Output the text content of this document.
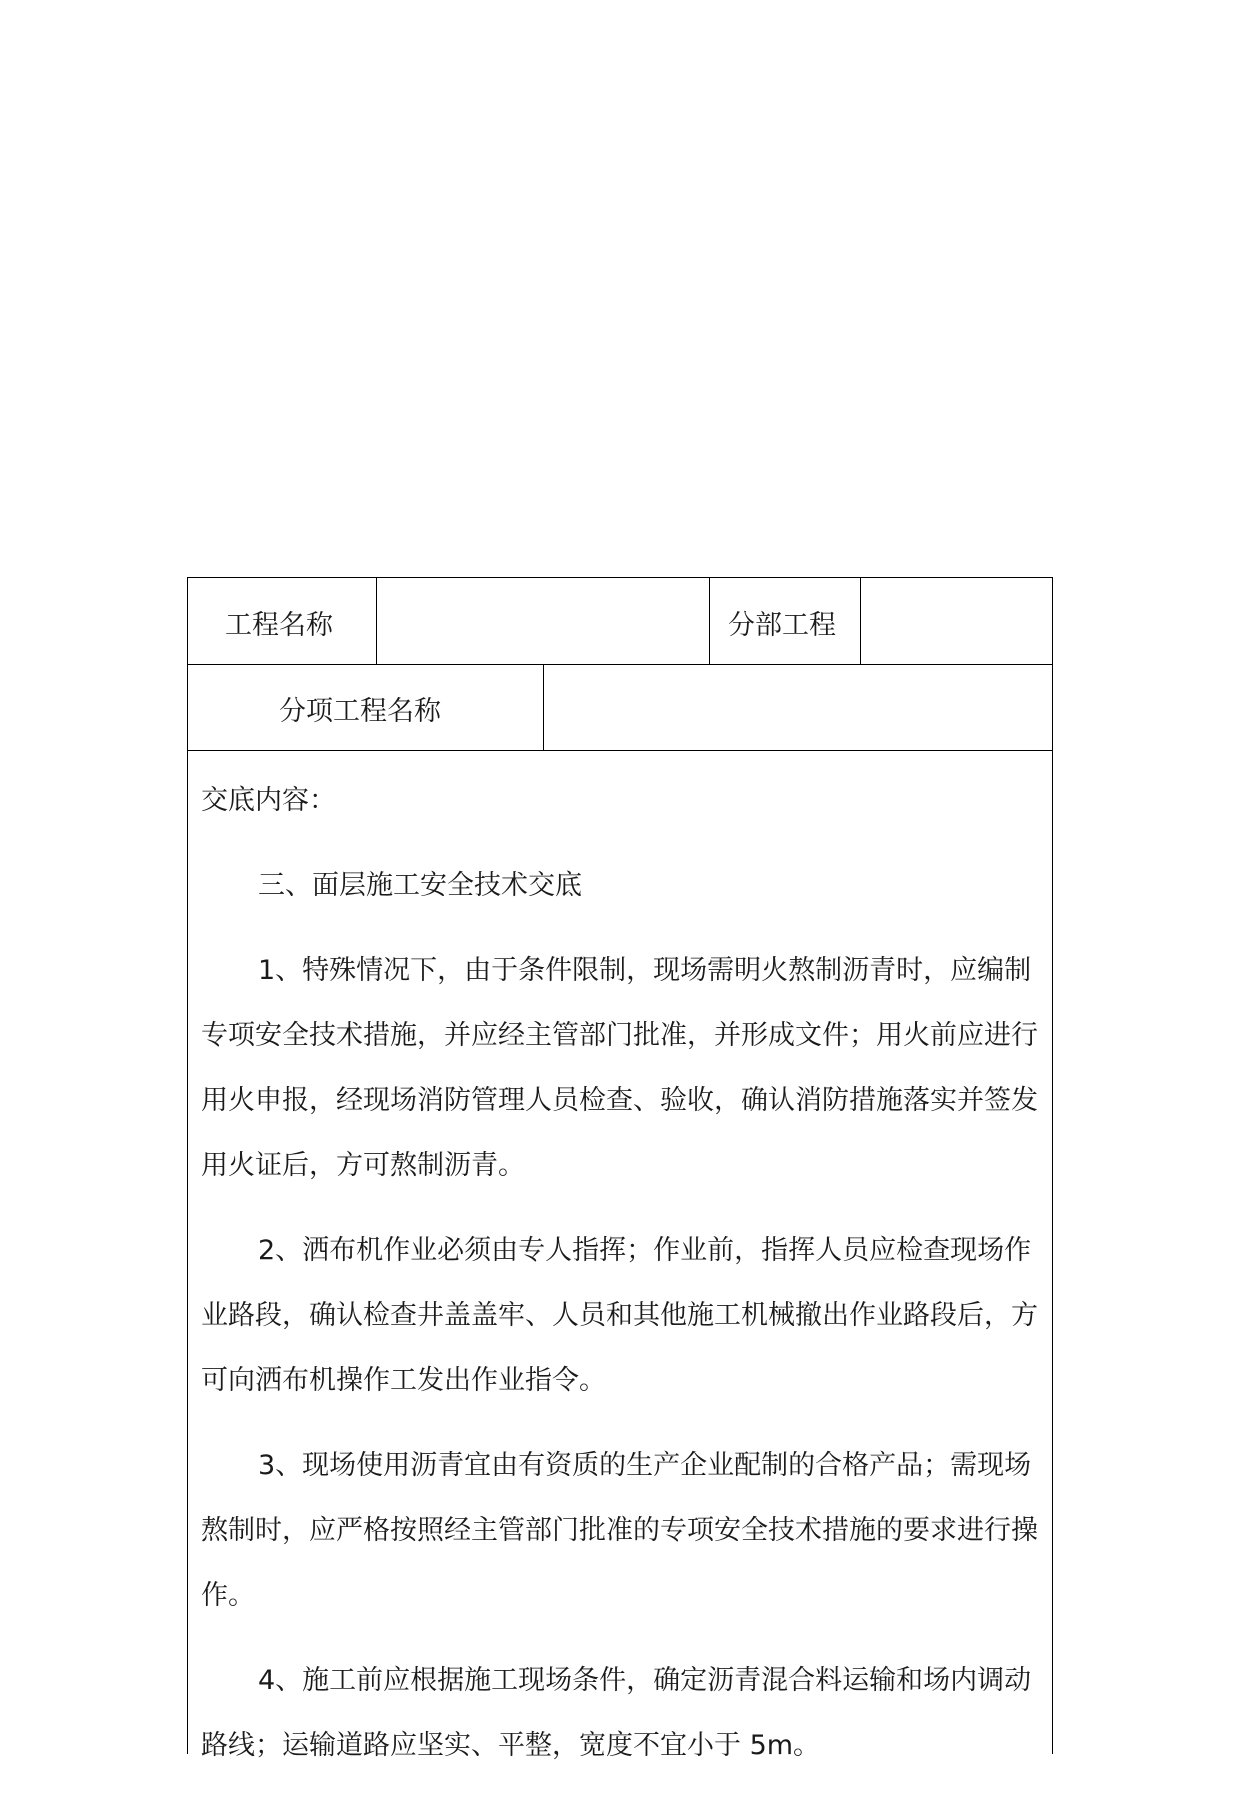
工程名称	分部工程
分项工程名称
交底内容：

三、面层施工安全技术交底

1、特殊情况下，由于条件限制，现场需明火熬制沥青时，应编制专项安全技术措施，并应经主管部门批准，并形成文件；用火前应进行用火申报，经现场消防管理人员检查、验收，确认消防措施落实并签发用火证后，方可熬制沥青。

2、洒布机作业必须由专人指挥；作业前，指挥人员应检查现场作业路段，确认检查井盖盖牢、人员和其他施工机械撤出作业路段后，方可向洒布机操作工发出作业指令。

3、现场使用沥青宜由有资质的生产企业配制的合格产品；需现场熬制时，应严格按照经主管部门批准的专项安全技术措施的要求进行操作。

4、施工前应根据施工现场条件，确定沥青混合料运输和场内调动路线；运输道路应坚实、平整，宽度不宜小于 5m。
